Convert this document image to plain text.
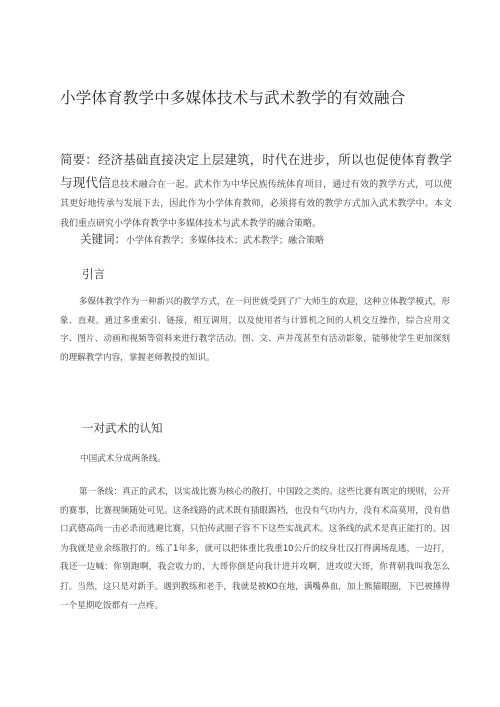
小学体育教学中多媒体技术与武术教学的有效融合
简要：经济基础直接决定上层建筑，时代在进步，所以也促使体育教学与现代信息技术融合在一起。武术作为中华民族传统体育项目，通过有效的教学方式，可以使其更好地传承与发展下去，因此作为小学体育教师，必须将有效的教学方式加入武术教学中。本文我们重点研究小学体育教学中多媒体技术与武术教学的融合策略。
关键词：小学体育教学；多媒体技术；武术教学；融合策略
引言
多媒体教学作为一种新兴的教学方式，在一问世就受到了广大师生的欢迎，这种立体教学模式，形象、直观。通过多重索引、链接，相互调用，以及使用者与计算机之间的人机交互操作，综合应用文字、图片、动画和视频等资料来进行教学活动。图、文、声并茂甚至有活动影象，能够使学生更加深刻的理解教学内容，掌握老师教授的知识。
一对武术的认知
中国武术分成两条线。
第一条线：真正的武术，以实战比赛为核心的散打，中国跤之类的。这些比赛有既定的规则，公开的赛事，比赛视频随处可见。这条线路的武术既有插眼踢裆，也没有气功内力，没有术高莫用，没有借口武德高尚一击必杀而逃避比赛，只怕传武圈子容不下这些实战武术。这条线的武术是真正能打的。因为我就是业余练散打的。练了1年多，就可以把体重比我重10公斤的纹身壮汉打得满场乱逃，一边打，我还一边喊：你别跑啊，我会收力的，大哥你倒是向我计进并攻啊，进攻哎大哥，你背朝我叫我怎么打。当然，这只是对新手。遇到教练和老手，我就是被KO在地，满嘴鼻血，加上熊猫眼圈，下巴被捶得一个星期吃饭都有一点疼。
